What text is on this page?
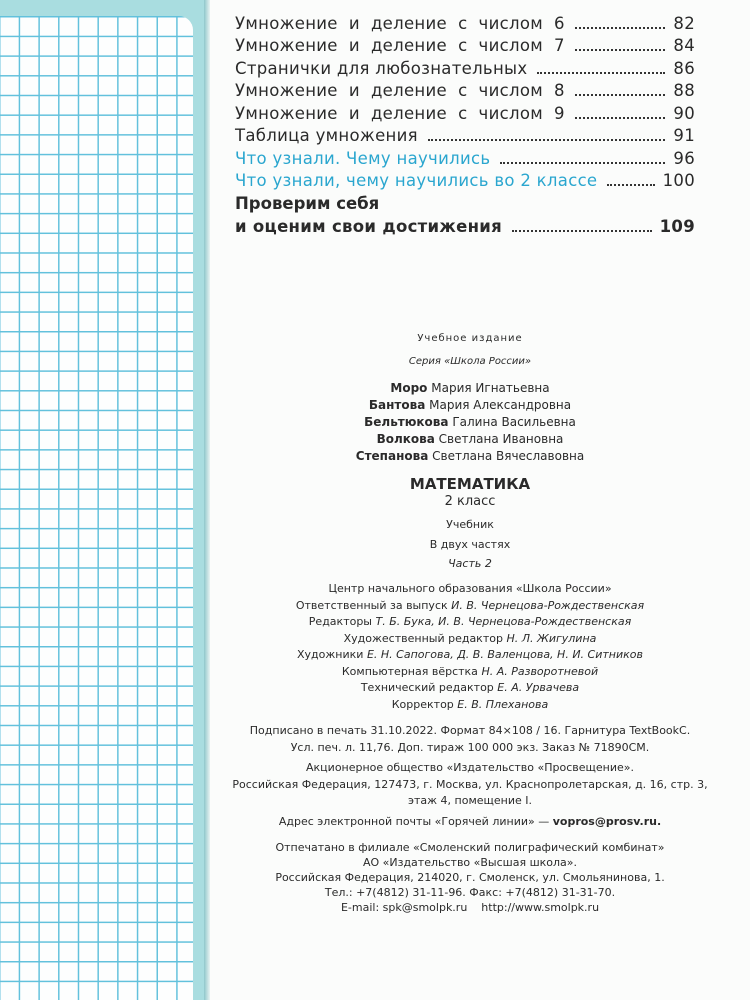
Умножение  и  деление  с  числом  6	82
Умножение  и  деление  с  числом  7	84
Странички для любознательных	86
Умножение  и  деление  с  числом  8	88
Умножение  и  деление  с  числом  9	90
Таблица умножения	91
Что узнали. Чему научились	96
Что узнали, чему научились во 2 классе	100
Проверим себя
и оценим свои достижения	109
Учебное издание
Серия «Школа России»
Моро Мария Игнатьевна
Бантова Мария Александровна
Бельтюкова Галина Васильевна
Волкова Светлана Ивановна
Степанова Светлана Вячеславовна
МАТЕМАТИКА
2 класс
Учебник
В двух частях
Часть 2
Центр начального образования «Школа России»
Ответственный за выпуск И. В. Чернецова-Рождественская
Редакторы Т. Б. Бука, И. В. Чернецова-Рождественская
Художественный редактор Н. Л. Жигулина
Художники Е. Н. Сапогова, Д. В. Валенцова, Н. И. Ситников
Компьютерная вёрстка Н. А. Разворотневой
Технический редактор Е. А. Урвачева
Корректор Е. В. Плеханова
Подписано в печать 31.10.2022. Формат 84×108 / 16. Гарнитура TextBookC.
Усл. печ. л. 11,76. Доп. тираж 100 000 экз. Заказ № 71890СМ.
Акционерное общество «Издательство «Просвещение».
Российская Федерация, 127473, г. Москва, ул. Краснопролетарская, д. 16, стр. 3,
этаж 4, помещение I.
Адрес электронной почты «Горячей линии» — vopros@prosv.ru.
Отпечатано в филиале «Смоленский полиграфический комбинат»
АО «Издательство «Высшая школа».
Российская Федерация, 214020, г. Смоленск, ул. Смольянинова, 1.
Тел.: +7(4812) 31-11-96. Факс: +7(4812) 31-31-70.
E-mail: spk@smolpk.ru    http://www.smolpk.ru
